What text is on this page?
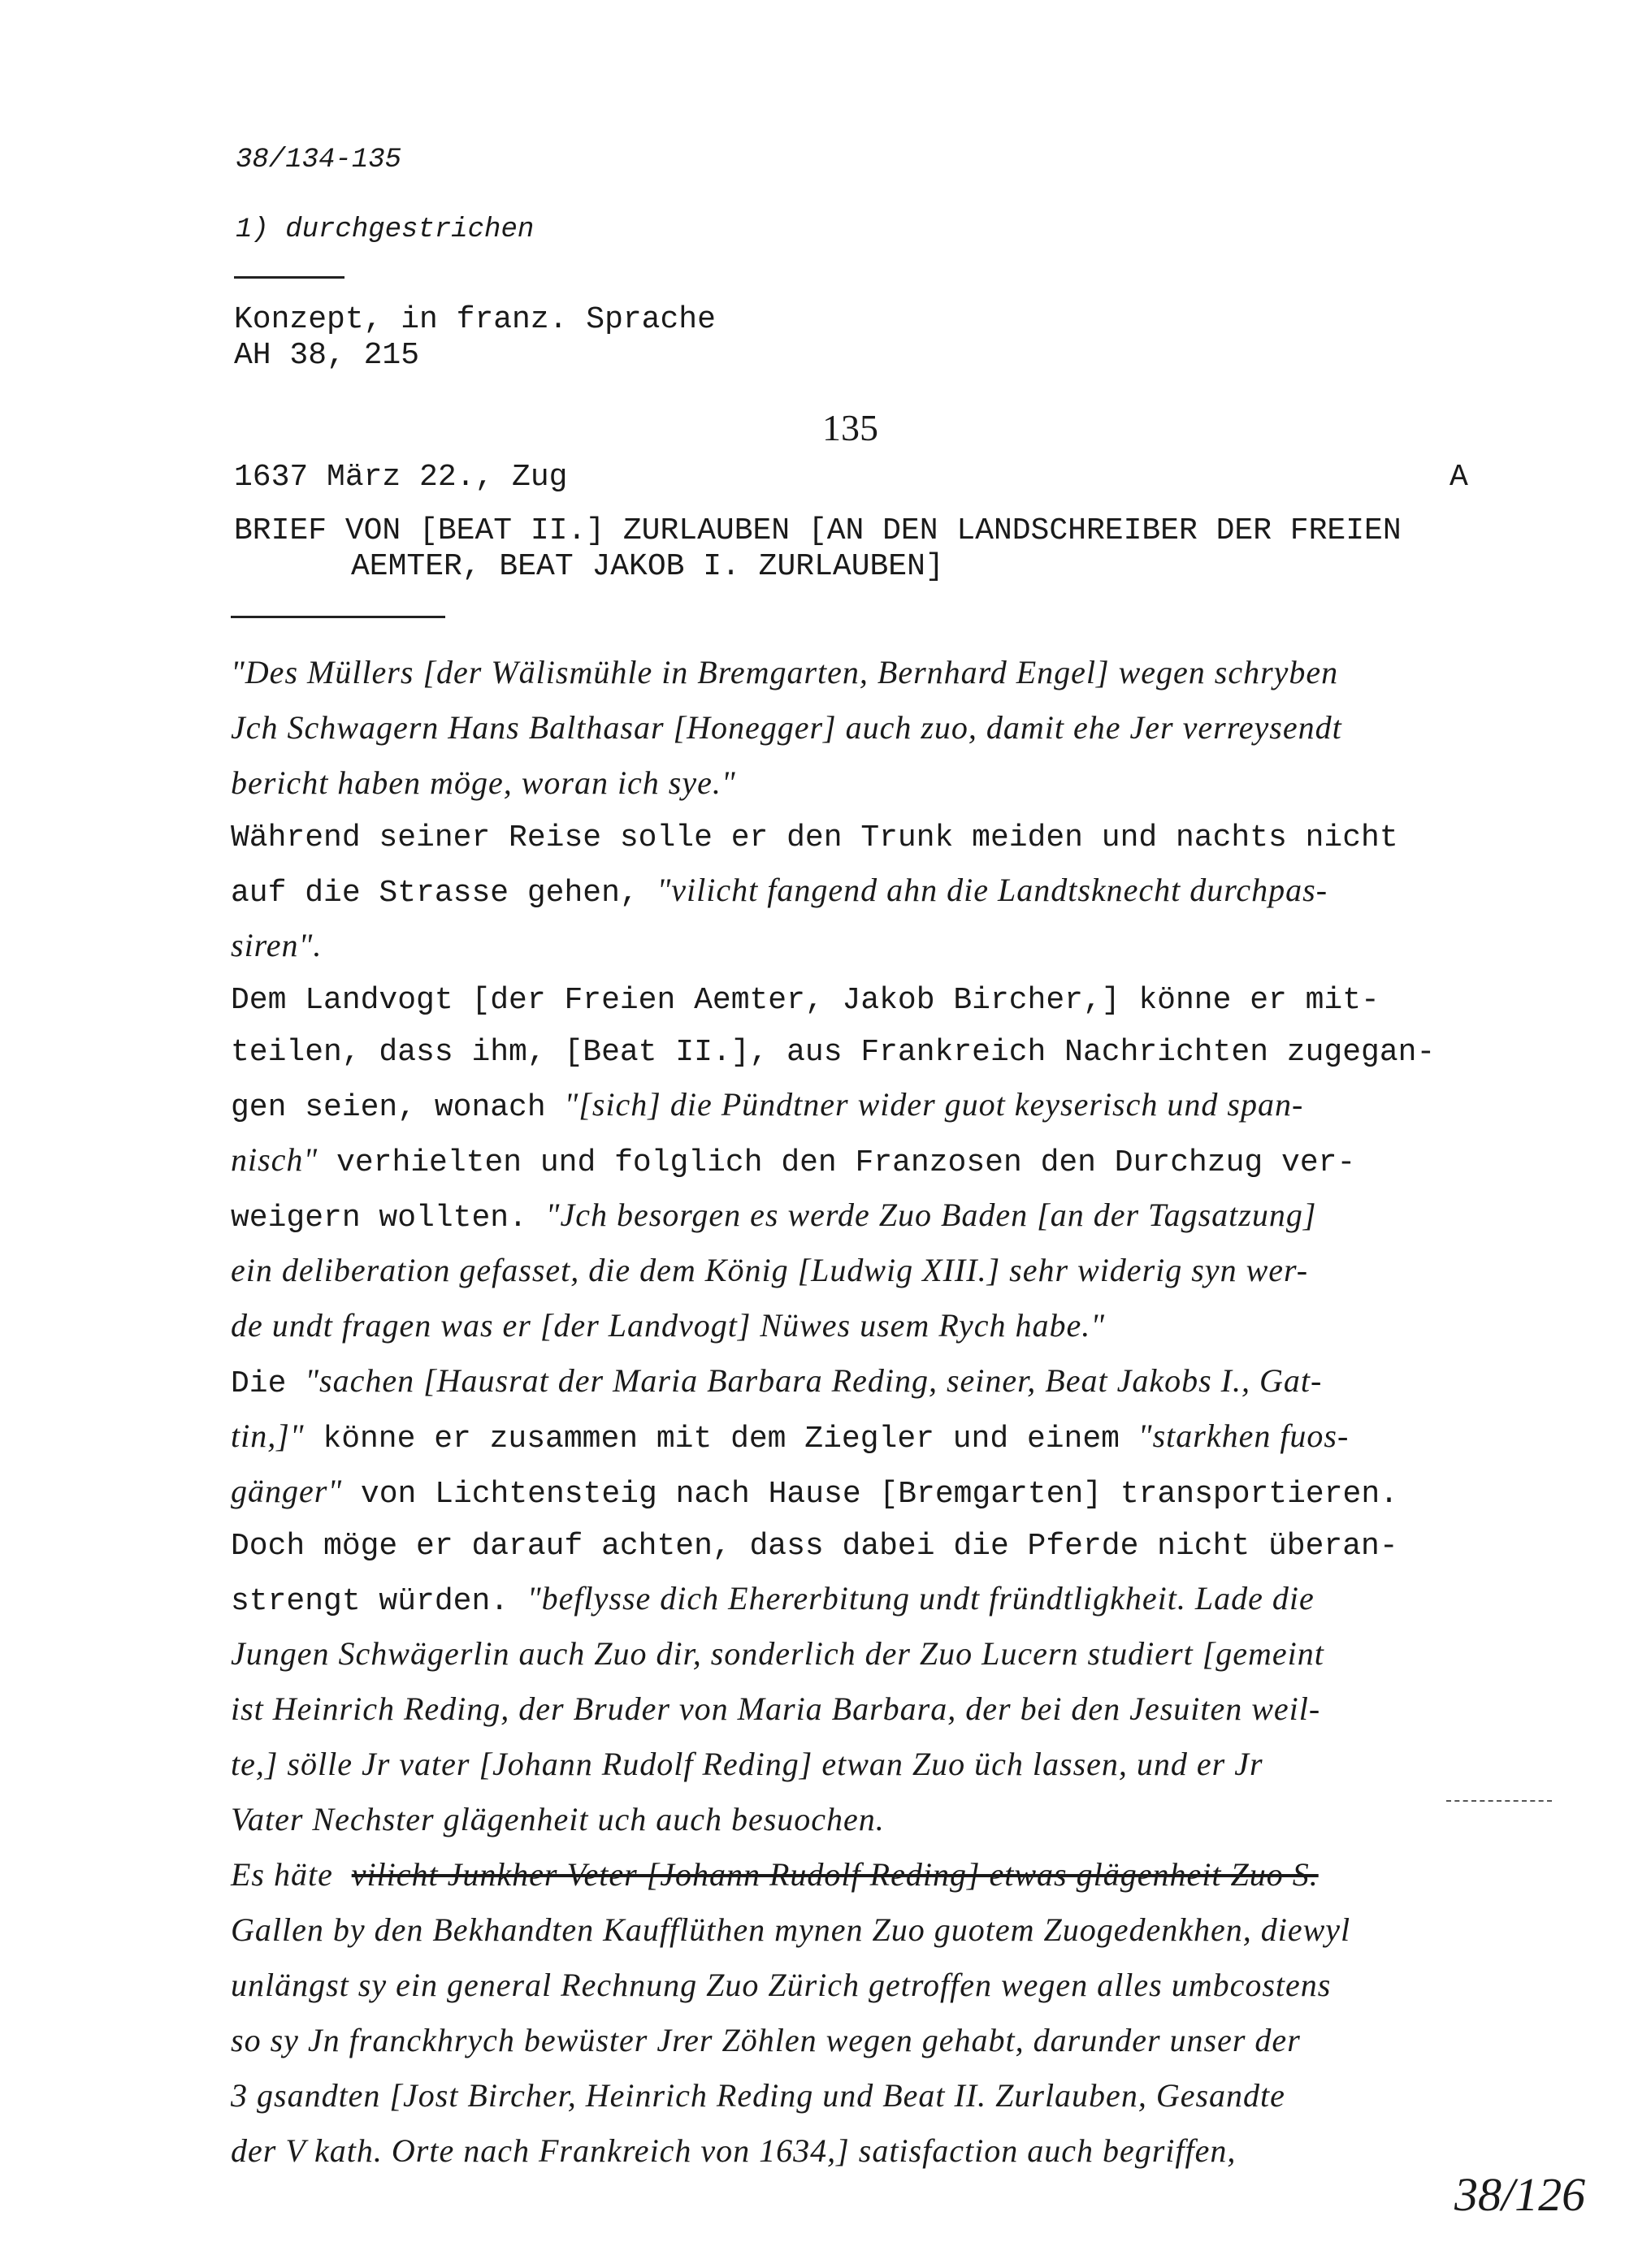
38/134-135
1) durchgestrichen
Konzept, in franz. Sprache
AH 38, 215
135
1637 März 22., Zug	A
BRIEF VON [BEAT II.] ZURLAUBEN [AN DEN LANDSCHREIBER DER FREIEN
AEMTER, BEAT JAKOB I. ZURLAUBEN]

"Des Müllers [der Wälismühle in Bremgarten, Bernhard Engel] wegen schryben

Jch Schwagern Hans Balthasar [Honegger] auch zuo, damit ehe Jer verreysendt

bericht haben möge, woran ich sye."

Während seiner Reise solle er den Trunk meiden und nachts nicht

auf die Strasse gehen, "vilicht fangend ahn die Landtsknecht durchpas-

siren".

Dem Landvogt [der Freien Aemter, Jakob Bircher,] könne er mit-

teilen, dass ihm, [Beat II.], aus Frankreich Nachrichten zugegan-

gen seien, wonach "[sich] die Pündtner wider guot keyserisch und span-

nisch" verhielten und folglich den Franzosen den Durchzug ver-

weigern wollten. "Jch besorgen es werde Zuo Baden [an der Tagsatzung]

ein deliberation gefasset, die dem König [Ludwig XIII.] sehr widerig syn wer-

de undt fragen was er [der Landvogt] Nüwes usem Rych habe."

Die "sachen [Hausrat der Maria Barbara Reding, seiner, Beat Jakobs I., Gat-

tin,]" könne er zusammen mit dem Ziegler und einem "starkhen fuos-

gänger" von Lichtensteig nach Hause [Bremgarten] transportieren.

Doch möge er darauf achten, dass dabei die Pferde nicht überan-

strengt würden. "beflysse dich Ehererbitung undt fründtligkheit. Lade die

Jungen Schwägerlin auch Zuo dir, sonderlich der Zuo Lucern studiert [gemeint

ist Heinrich Reding, der Bruder von Maria Barbara, der bei den Jesuiten weil-

te,] sölle Jr vater [Johann Rudolf Reding] etwan Zuo üch lassen, und er Jr

Vater Nechster glägenheit uch auch besuochen.

Es häte vilicht Junkher Veter [Johann Rudolf Reding] etwas glägenheit Zuo S.

Gallen by den Bekhandten Kaufflüthen mynen Zuo guotem Zuogedenkhen, diewyl

unlängst sy ein general Rechnung Zuo Zürich getroffen wegen alles umbcostens

so sy Jn franckhrych bewüster Jrer Zöhlen wegen gehabt, darunder unser der

3 gsandten [Jost Bircher, Heinrich Reding und Beat II. Zurlauben, Gesandte

der V kath. Orte nach Frankreich von 1634,] satisfaction auch begriffen,

38/126
